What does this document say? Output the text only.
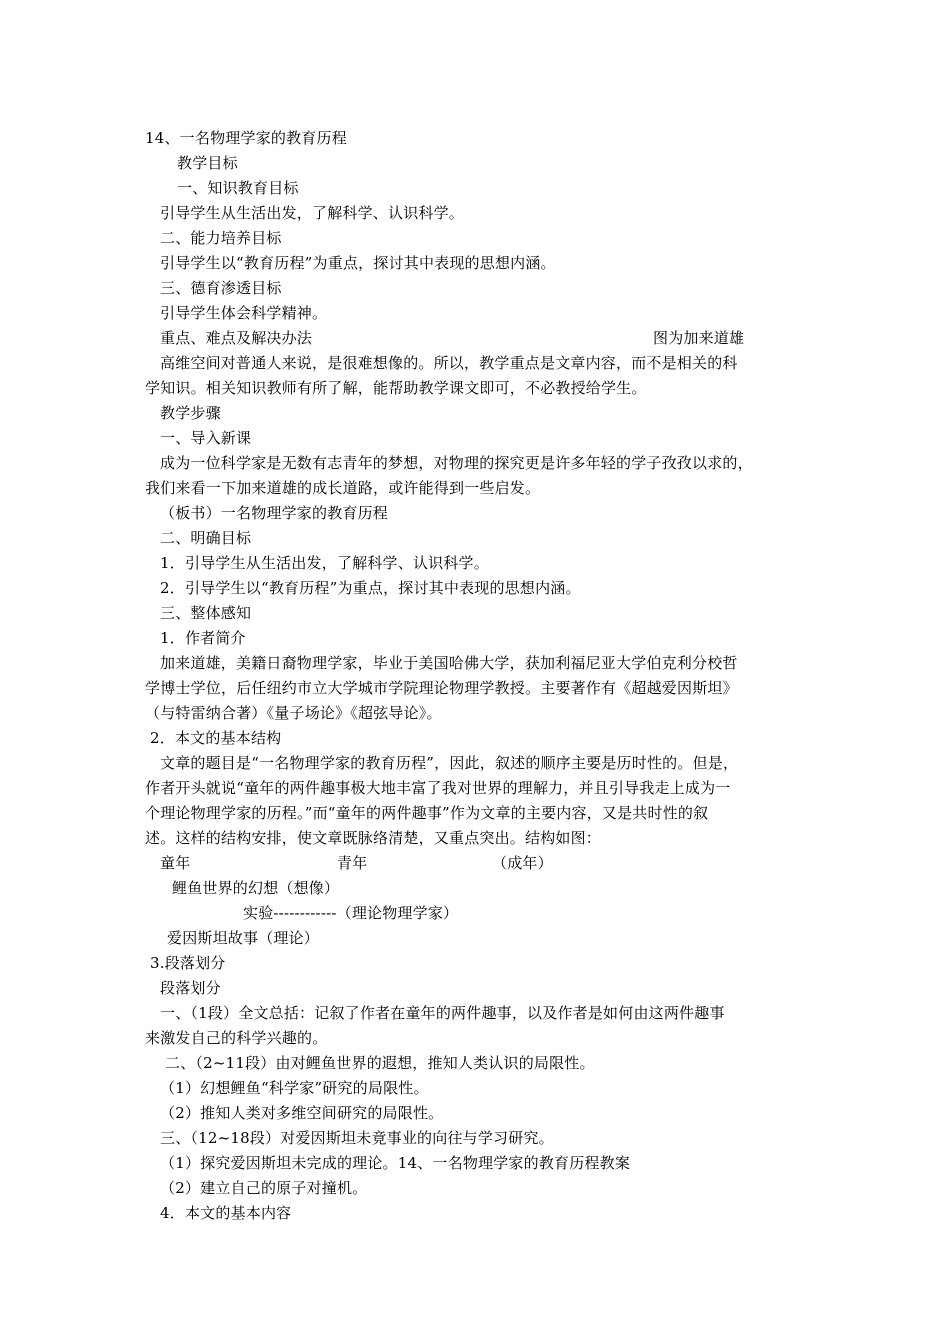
14、一名物理学家的教育历程
教学目标
一、知识教育目标
引导学生从生活出发，了解科学、认识科学。
二、能力培养目标
引导学生以“教育历程”为重点，探讨其中表现的思想内涵。
三、德育渗透目标
引导学生体会科学精神。
重点、难点及解决办法	图为加来道雄
高维空间对普通人来说，是很难想像的。所以，教学重点是文章内容，而不是相关的科
学知识。相关知识教师有所了解，能帮助教学课文即可，不必教授给学生。
教学步骤
一、导入新课
成为一位科学家是无数有志青年的梦想，对物理的探究更是许多年轻的学子孜孜以求的，
我们来看一下加来道雄的成长道路，或许能得到一些启发。
（板书）一名物理学家的教育历程
二、明确目标
1．引导学生从生活出发，了解科学、认识科学。
2．引导学生以“教育历程”为重点，探讨其中表现的思想内涵。
三、整体感知
1．作者简介
加来道雄，美籍日裔物理学家，毕业于美国哈佛大学，获加利福尼亚大学伯克利分校哲
学博士学位，后任纽约市立大学城市学院理论物理学教授。主要著作有《超越爱因斯坦》
（与特雷纳合著）《量子场论》《超弦导论》。
2．本文的基本结构
文章的题目是“一名物理学家的教育历程”，因此，叙述的顺序主要是历时性的。但是，
作者开头就说“童年的两件趣事极大地丰富了我对世界的理解力，并且引导我走上成为一
个理论物理学家的历程。”而“童年的两件趣事”作为文章的主要内容，又是共时性的叙
述。这样的结构安排，使文章既脉络清楚，又重点突出。结构如图：
童年	青年	（成年）
鲤鱼世界的幻想（想像）
实验------------（理论物理学家）
爱因斯坦故事（理论）
3.段落划分
段落划分
一、（1段）全文总括：记叙了作者在童年的两件趣事，以及作者是如何由这两件趣事
来激发自己的科学兴趣的。
二、（2~11段）由对鲤鱼世界的遐想，推知人类认识的局限性。
（1）幻想鲤鱼“科学家”研究的局限性。
（2）推知人类对多维空间研究的局限性。
三、（12~18段）对爱因斯坦未竟事业的向往与学习研究。
（1）探究爱因斯坦未完成的理论。14、一名物理学家的教育历程教案
（2）建立自己的原子对撞机。
4．本文的基本内容
